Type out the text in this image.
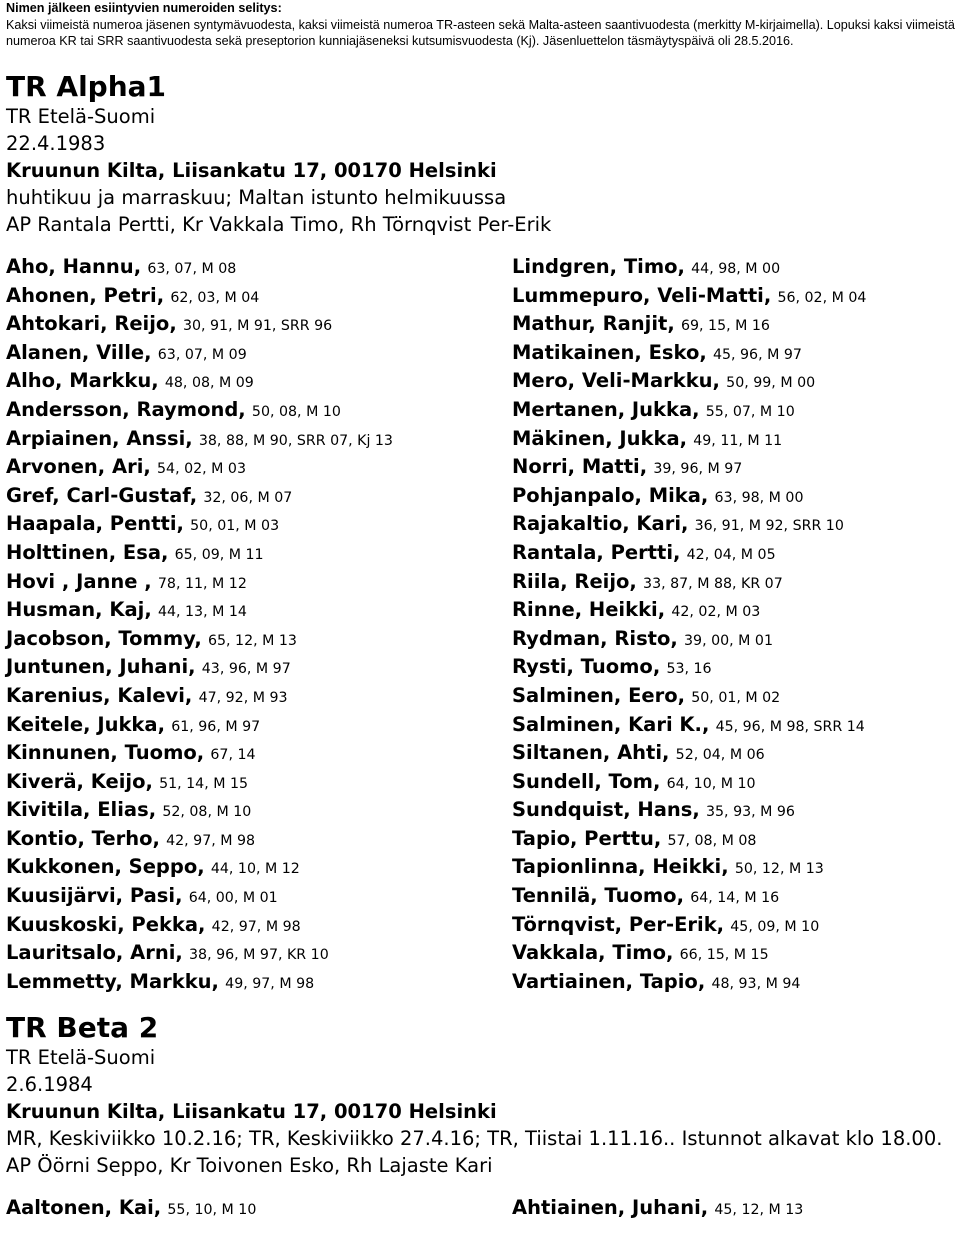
Nimen jälkeen esiintyvien numeroiden selitys:
Kaksi viimeistä numeroa jäsenen syntymävuodesta, kaksi viimeistä numeroa TR-asteen sekä Malta-asteen saantivuodesta (merkitty M-kirjaimella). Lopuksi kaksi viimeistä numeroa KR tai SRR saantivuodesta sekä preseptorion kunniajäseneksi kutsumisvuodesta (Kj). Jäsenluettelon täsmäytyspäivä oli 28.5.2016.
TR Alpha1
TR Etelä-Suomi
22.4.1983
Kruunun Kilta, Liisankatu 17, 00170 Helsinki
huhtikuu ja marraskuu; Maltan istunto helmikuussa
AP Rantala Pertti, Kr Vakkala Timo, Rh Törnqvist Per-Erik
Aho, Hannu, 63, 07, M 08
Ahonen, Petri, 62, 03, M 04
Ahtokari, Reijo, 30, 91, M 91, SRR 96
Alanen, Ville, 63, 07, M 09
Alho, Markku, 48, 08, M 09
Andersson, Raymond, 50, 08, M 10
Arpiainen, Anssi, 38, 88, M 90, SRR 07, Kj 13
Arvonen, Ari, 54, 02, M 03
Gref, Carl-Gustaf, 32, 06, M 07
Haapala, Pentti, 50, 01, M 03
Holttinen, Esa, 65, 09, M 11
Hovi , Janne , 78, 11, M 12
Husman, Kaj, 44, 13, M 14
Jacobson, Tommy, 65, 12, M 13
Juntunen, Juhani, 43, 96, M 97
Karenius, Kalevi, 47, 92, M 93
Keitele, Jukka, 61, 96, M 97
Kinnunen, Tuomo, 67, 14
Kiverä, Keijo, 51, 14, M 15
Kivitila, Elias, 52, 08, M 10
Kontio, Terho, 42, 97, M 98
Kukkonen, Seppo, 44, 10, M 12
Kuusijärvi, Pasi, 64, 00, M 01
Kuuskoski, Pekka, 42, 97, M 98
Lauritsalo, Arni, 38, 96, M 97, KR 10
Lemmetty, Markku, 49, 97, M 98
Lindgren, Timo, 44, 98, M 00
Lummepuro, Veli-Matti, 56, 02, M 04
Mathur, Ranjit, 69, 15, M 16
Matikainen, Esko, 45, 96, M 97
Mero, Veli-Markku, 50, 99, M 00
Mertanen, Jukka, 55, 07, M 10
Mäkinen, Jukka, 49, 11, M 11
Norri, Matti, 39, 96, M 97
Pohjanpalo, Mika, 63, 98, M 00
Rajakaltio, Kari, 36, 91, M 92, SRR 10
Rantala, Pertti, 42, 04, M 05
Riila, Reijo, 33, 87, M 88, KR 07
Rinne, Heikki, 42, 02, M 03
Rydman, Risto, 39, 00, M 01
Rysti, Tuomo, 53, 16
Salminen, Eero, 50, 01, M 02
Salminen, Kari K., 45, 96, M 98, SRR 14
Siltanen, Ahti, 52, 04, M 06
Sundell, Tom, 64, 10, M 10
Sundquist, Hans, 35, 93, M 96
Tapio, Perttu, 57, 08, M 08
Tapionlinna, Heikki, 50, 12, M 13
Tennilä, Tuomo, 64, 14, M 16
Törnqvist, Per-Erik, 45, 09, M 10
Vakkala, Timo, 66, 15, M 15
Vartiainen, Tapio, 48, 93, M 94
TR Beta 2
TR Etelä-Suomi
2.6.1984
Kruunun Kilta, Liisankatu 17, 00170 Helsinki
MR, Keskiviikko 10.2.16; TR, Keskiviikko 27.4.16; TR, Tiistai 1.11.16.. Istunnot alkavat klo 18.00.
AP Öörni Seppo, Kr Toivonen Esko, Rh Lajaste Kari
Aaltonen, Kai, 55, 10, M 10	Ahtiainen, Juhani, 45, 12, M 13
